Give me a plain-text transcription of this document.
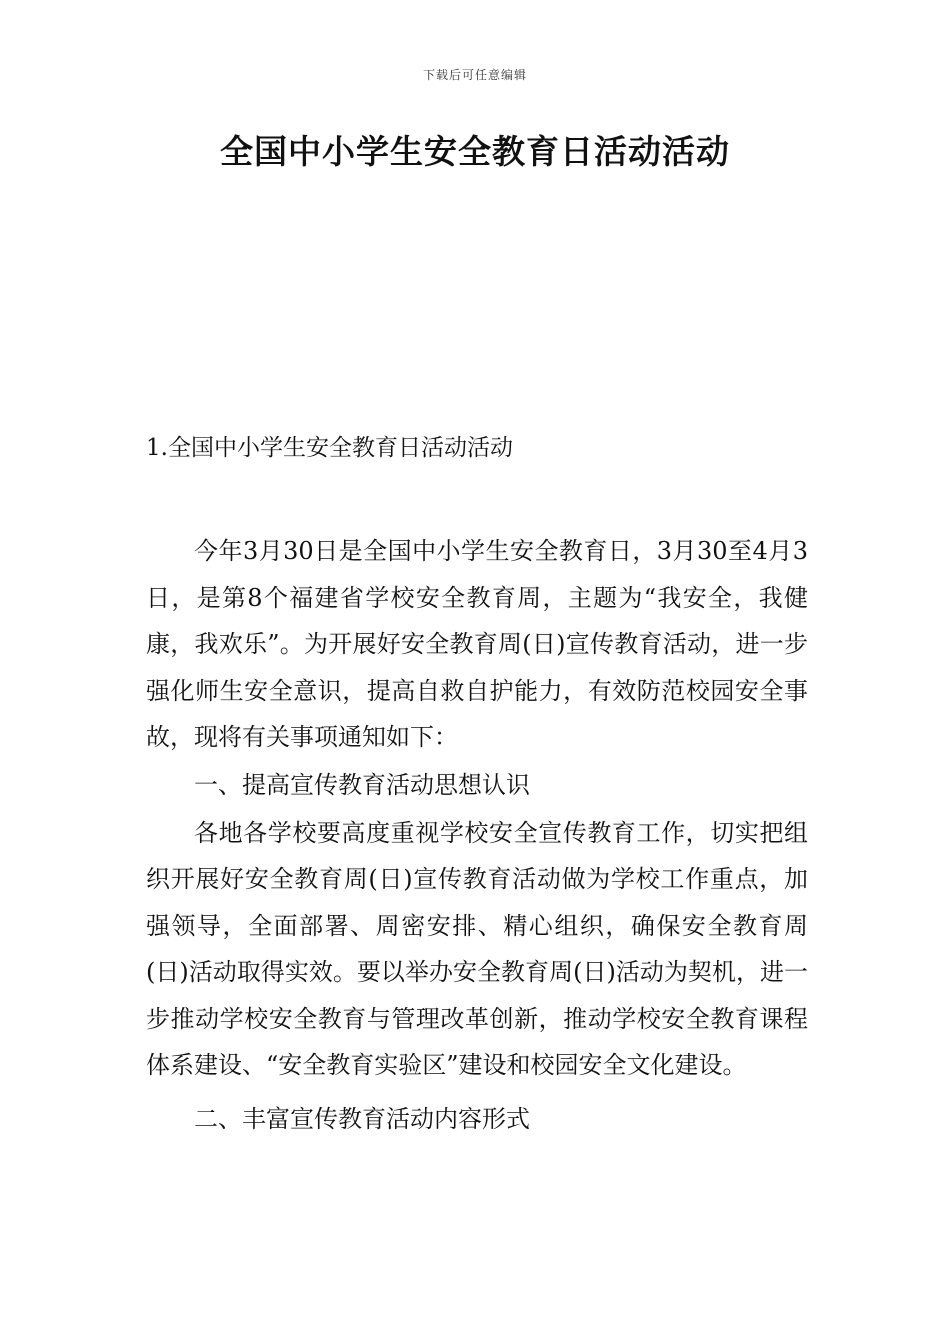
下载后可任意编辑
全国中小学生安全教育日活动活动
1.全国中小学生安全教育日活动活动

今年3月30日是全国中小学生安全教育日，3月30至4月3日，是第8个福建省学校安全教育周，主题为“我安全，我健康，我欢乐”。为开展好安全教育周(日)宣传教育活动，进一步强化师生安全意识，提高自救自护能力，有效防范校园安全事故，现将有关事项通知如下：

一、提高宣传教育活动思想认识

各地各学校要高度重视学校安全宣传教育工作，切实把组织开展好安全教育周(日)宣传教育活动做为学校工作重点，加强领导，全面部署、周密安排、精心组织，确保安全教育周(日)活动取得实效。要以举办安全教育周(日)活动为契机，进一步推动学校安全教育与管理改革创新，推动学校安全教育课程体系建设、“安全教育实验区”建设和校园安全文化建设。

二、丰富宣传教育活动内容形式
